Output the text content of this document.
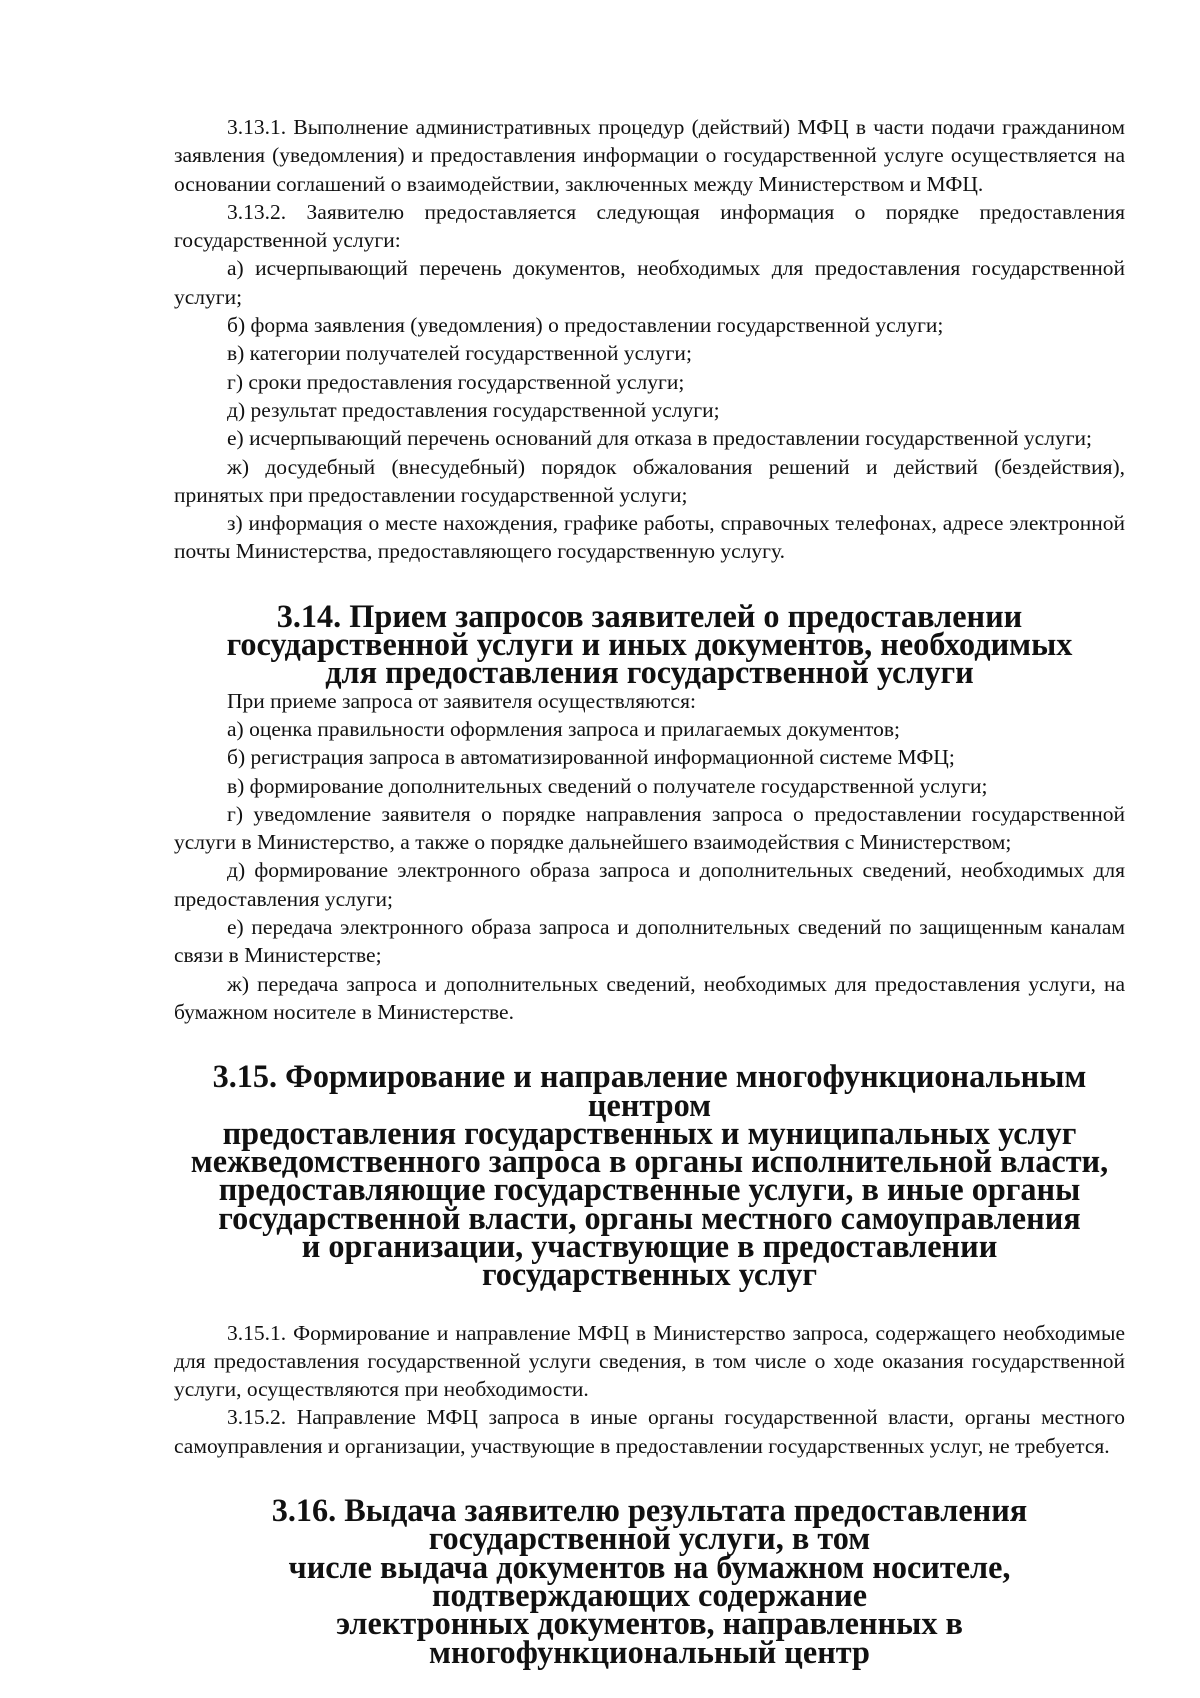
3.13.1. Выполнение административных процедур (действий) МФЦ в части подачи гражданином заявления (уведомления) и предоставления информации о государственной услуге осуществляется на основании соглашений о взаимодействии, заключенных между Министерством и МФЦ.

3.13.2. Заявителю предоставляется следующая информация о порядке предоставления государственной услуги:

а) исчерпывающий перечень документов, необходимых для предоставления государственной услуги;

б) форма заявления (уведомления) о предоставлении государственной услуги;

в) категории получателей государственной услуги;

г) сроки предоставления государственной услуги;

д) результат предоставления государственной услуги;

е) исчерпывающий перечень оснований для отказа в предоставлении государственной услуги;

ж) досудебный (внесудебный) порядок обжалования решений и действий (бездействия), принятых при предоставлении государственной услуги;

з) информация о месте нахождения, графике работы, справочных телефонах, адресе электронной почты Министерства, предоставляющего государственную услугу.

3.14. Прием запросов заявителей о предоставлении
государственной услуги и иных документов, необходимых
для предоставления государственной услуги

При приеме запроса от заявителя осуществляются:

а) оценка правильности оформления запроса и прилагаемых документов;

б) регистрация запроса в автоматизированной информационной системе МФЦ;

в) формирование дополнительных сведений о получателе государственной услуги;

г) уведомление заявителя о порядке направления запроса о предоставлении государственной услуги в Министерство, а также о порядке дальнейшего взаимодействия с Министерством;

д) формирование электронного образа запроса и дополнительных сведений, необходимых для предоставления услуги;

е) передача электронного образа запроса и дополнительных сведений по защищенным каналам связи в Министерстве;

ж) передача запроса и дополнительных сведений, необходимых для предоставления услуги, на бумажном носителе в Министерстве.

3.15. Формирование и направление многофункциональным центром
предоставления государственных и муниципальных услуг
межведомственного запроса в органы исполнительной власти,
предоставляющие государственные услуги, в иные органы
государственной власти, органы местного самоуправления
и организации, участвующие в предоставлении государственных услуг

3.15.1. Формирование и направление МФЦ в Министерство запроса, содержащего необходимые для предоставления государственной услуги сведения, в том числе о ходе оказания государственной услуги, осуществляются при необходимости.

3.15.2. Направление МФЦ запроса в иные органы государственной власти, органы местного самоуправления и организации, участвующие в предоставлении государственных услуг, не требуется.

3.16. Выдача заявителю результата предоставления государственной услуги, в том
числе выдача документов на бумажном носителе, подтверждающих содержание
электронных документов, направленных в многофункциональный центр
